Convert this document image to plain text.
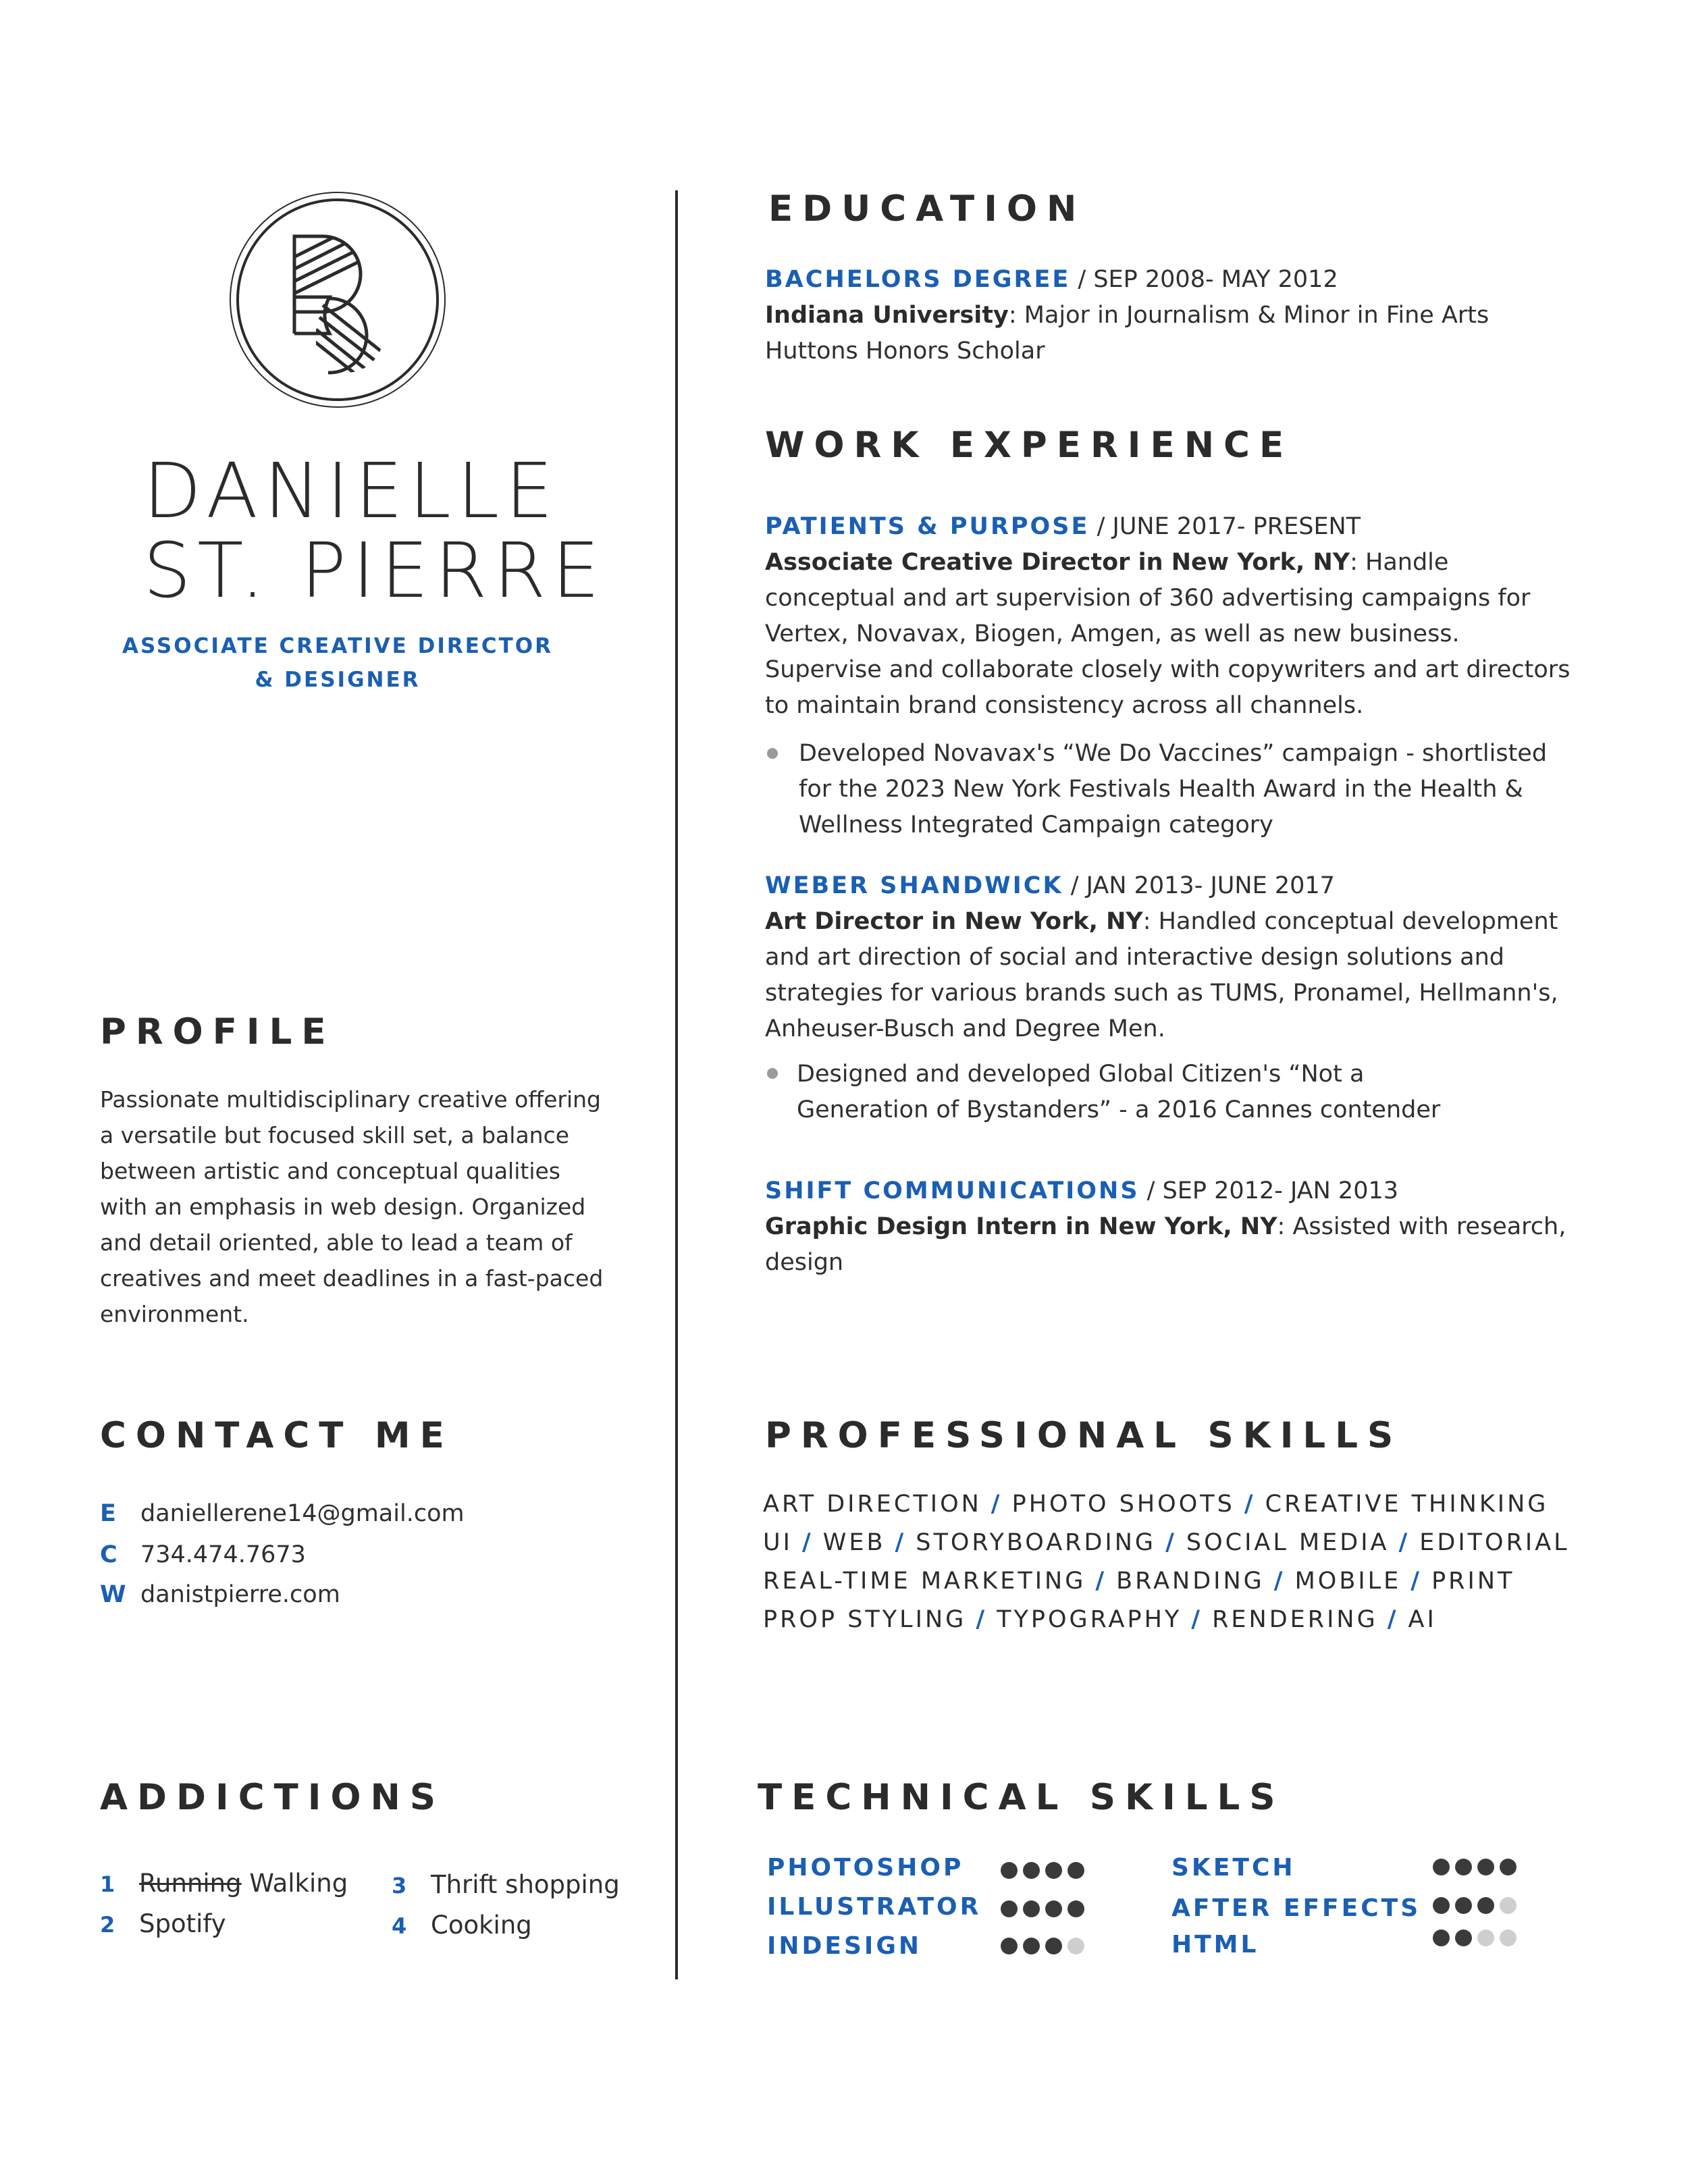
DANIELLE
ST. PIERRE
ASSOCIATE CREATIVE DIRECTOR
& DESIGNER
PROFILE
Passionate multidisciplinary creative offering a versatile but focused skill set, a balance between artistic and conceptual qualities with an emphasis in web design. Organized and detail oriented, able to lead a team of creatives and meet deadlines in a fast-paced environment.
CONTACT ME
E daniellerene14@gmail.com
C 734.474.7673
W danistpierre.com
ADDICTIONS
1 Running Walking
2 Spotify
3 Thrift shopping
4 Cooking
EDUCATION
BACHELORS DEGREE / SEP 2008- MAY 2012
Indiana University: Major in Journalism & Minor in Fine Arts
Huttons Honors Scholar
WORK EXPERIENCE
PATIENTS & PURPOSE / JUNE 2017- PRESENT
Associate Creative Director in New York, NY: Handle conceptual and art supervision of 360 advertising campaigns for Vertex, Novavax, Biogen, Amgen, as well as new business. Supervise and collaborate closely with copywriters and art directors to maintain brand consistency across all channels.
Developed Novavax's “We Do Vaccines” campaign - shortlisted for the 2023 New York Festivals Health Award in the Health & Wellness Integrated Campaign category
WEBER SHANDWICK / JAN 2013- JUNE 2017
Art Director in New York, NY: Handled conceptual development and art direction of social and interactive design solutions and strategies for various brands such as TUMS, Pronamel, Hellmann's, Anheuser-Busch and Degree Men.
Designed and developed Global Citizen's “Not a Generation of Bystanders” - a 2016 Cannes contender
SHIFT COMMUNICATIONS / SEP 2012- JAN 2013
Graphic Design Intern in New York, NY: Assisted with research, design
PROFESSIONAL SKILLS
ART DIRECTION / PHOTO SHOOTS / CREATIVE THINKING
UI / WEB / STORYBOARDING / SOCIAL MEDIA / EDITORIAL
REAL-TIME MARKETING / BRANDING / MOBILE / PRINT
PROP STYLING / TYPOGRAPHY / RENDERING / AI
TECHNICAL SKILLS
PHOTOSHOP
ILLUSTRATOR
INDESIGN
SKETCH
AFTER EFFECTS
HTML
